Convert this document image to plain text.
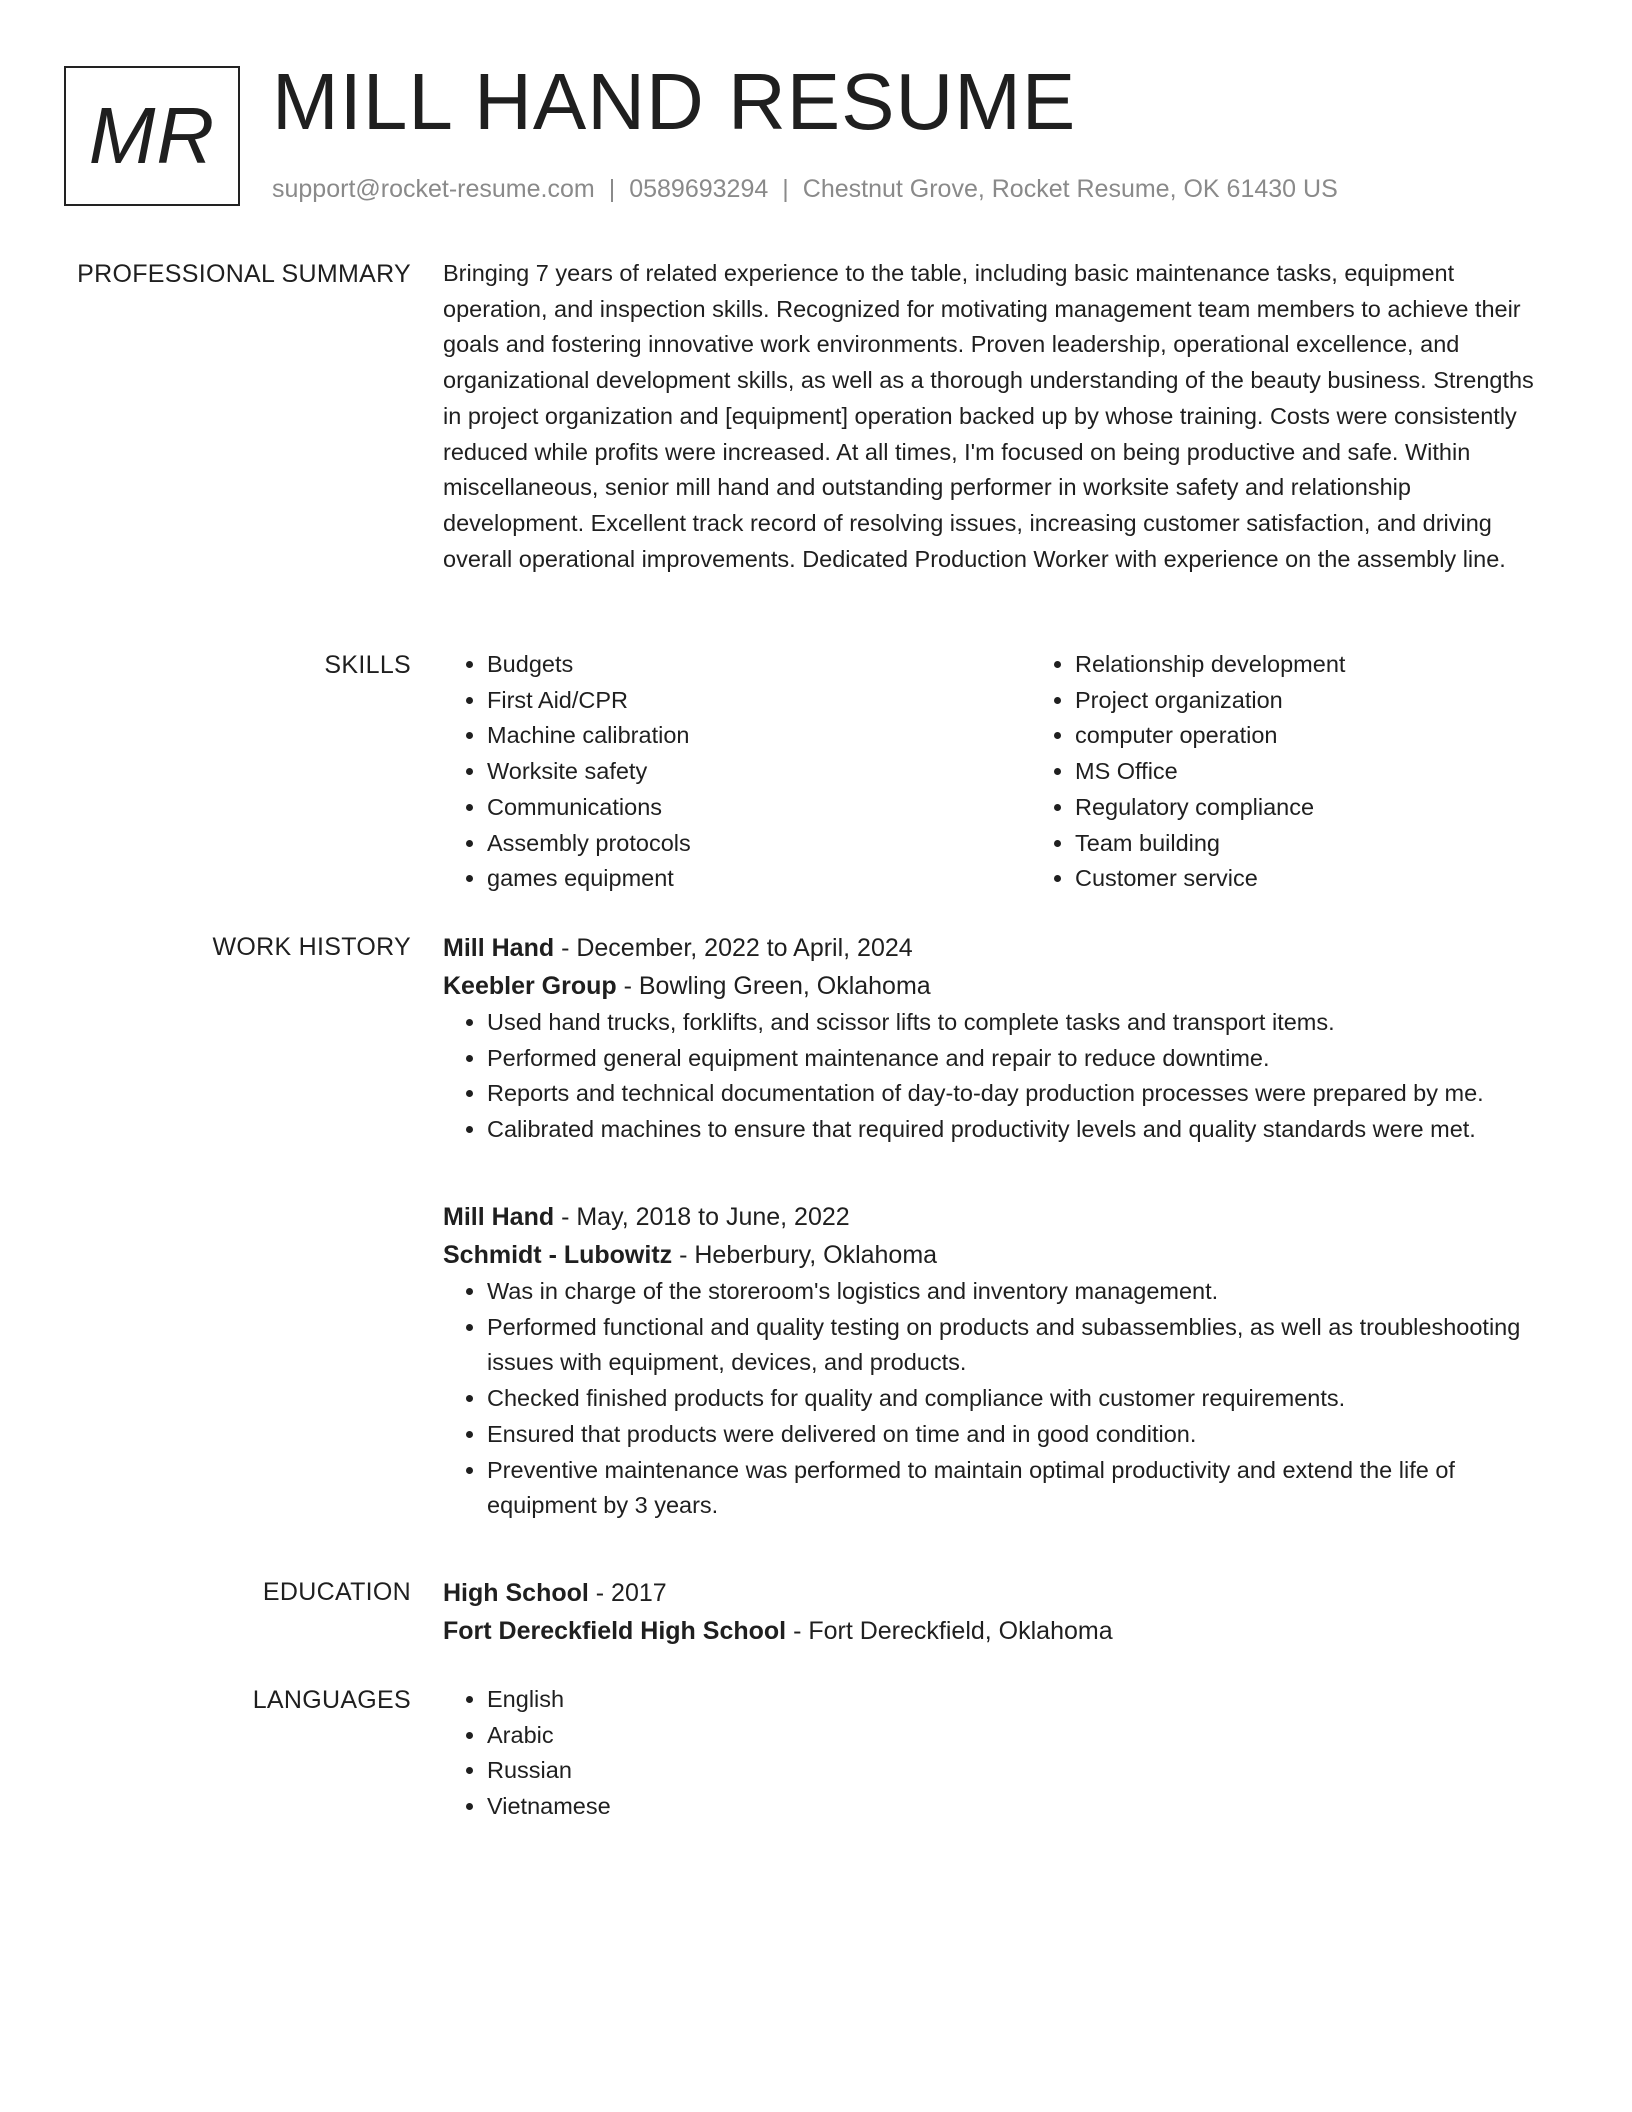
MR MILL HAND RESUME
support@rocket-resume.com | 0589693294 | Chestnut Grove, Rocket Resume, OK 61430 US
PROFESSIONAL SUMMARY Bringing 7 years of related experience to the table, including basic maintenance tasks, equipment operation, and inspection skills. Recognized for motivating management team members to achieve their goals and fostering innovative work environments. Proven leadership, operational excellence, and organizational development skills, as well as a thorough understanding of the beauty business. Strengths in project organization and [equipment] operation backed up by whose training. Costs were consistently reduced while profits were increased. At all times, I'm focused on being productive and safe. Within miscellaneous, senior mill hand and outstanding performer in worksite safety and relationship development. Excellent track record of resolving issues, increasing customer satisfaction, and driving overall operational improvements. Dedicated Production Worker with experience on the assembly line.

SKILLS	• Budgets
• First Aid/CPR
• Machine calibration
• Worksite safety
• Communications
• Assembly protocols
• games equipment
• Relationship development
• Project organization
• computer operation
• MS Office
• Regulatory compliance
• Team building
• Customer service
WORK HISTORY Mill Hand - December, 2022 to April, 2024
Keebler Group - Bowling Green, Oklahoma
• Used hand trucks, forklifts, and scissor lifts to complete tasks and transport items.
• Performed general equipment maintenance and repair to reduce downtime.
• Reports and technical documentation of day-to-day production processes were prepared by me.
• Calibrated machines to ensure that required productivity levels and quality standards were met.
Mill Hand - May, 2018 to June, 2022
Schmidt - Lubowitz - Heberbury, Oklahoma
• Was in charge of the storeroom's logistics and inventory management.
• Performed functional and quality testing on products and subassemblies, as well as troubleshooting issues with equipment, devices, and products.
• Checked finished products for quality and compliance with customer requirements.
• Ensured that products were delivered on time and in good condition.
• Preventive maintenance was performed to maintain optimal productivity and extend the life of equipment by 3 years.
EDUCATION High School - 2017
Fort Dereckfield High School - Fort Dereckfield, Oklahoma
LANGUAGES	• English
• Arabic
• Russian
• Vietnamese
